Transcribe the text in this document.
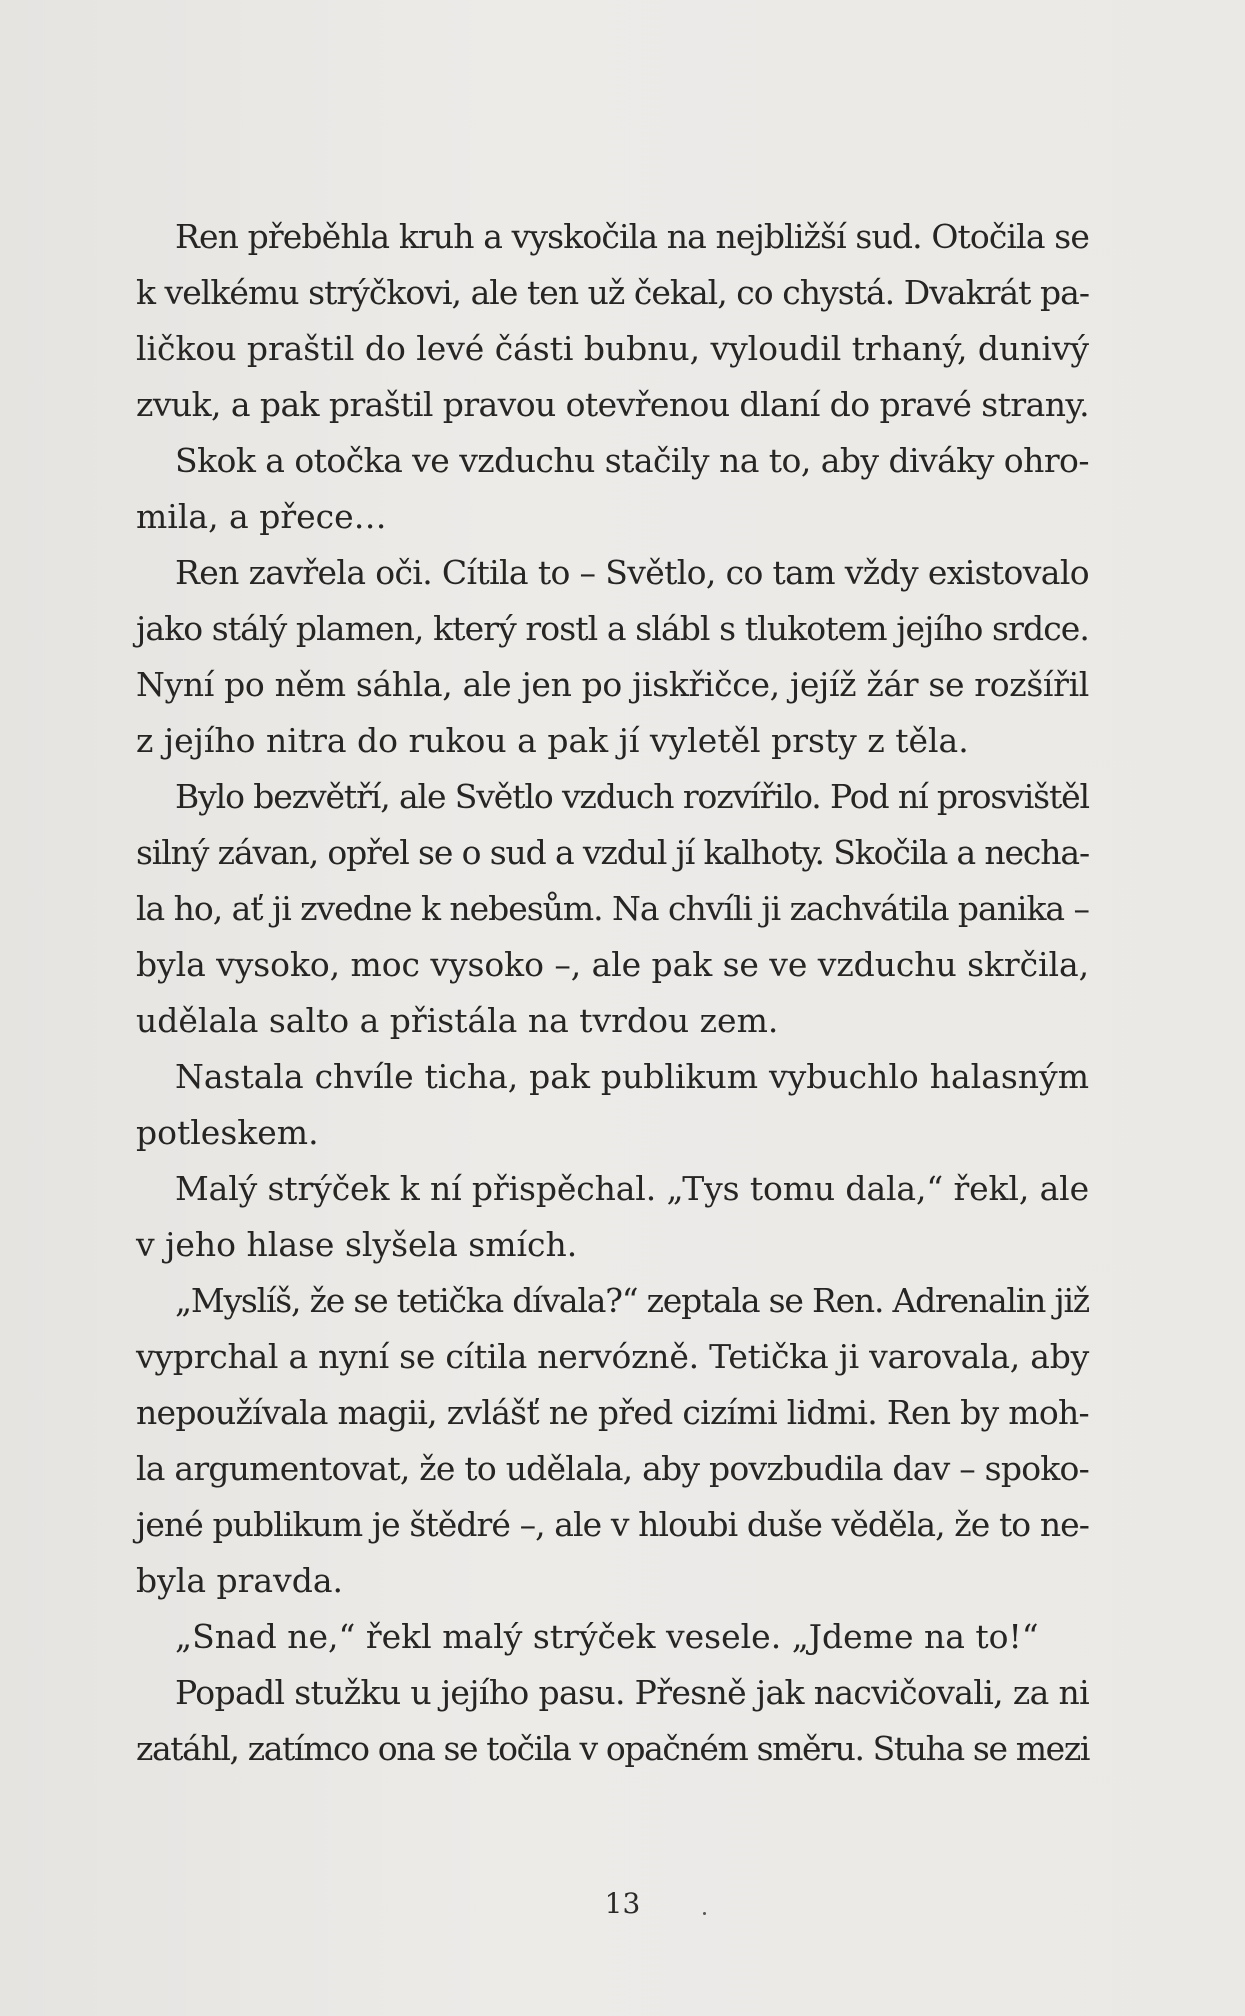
Ren přeběhla kruh a vyskočila na nejbližší sud. Otočila se
k velkému strýčkovi, ale ten už čekal, co chystá. Dvakrát pa-
ličkou praštil do levé části bubnu, vyloudil trhaný, dunivý
zvuk, a pak praštil pravou otevřenou dlaní do pravé strany.
Skok a otočka ve vzduchu stačily na to, aby diváky ohro-
mila, a přece…
Ren zavřela oči. Cítila to – Světlo, co tam vždy existovalo
jako stálý plamen, který rostl a slábl s tlukotem jejího srdce.
Nyní po něm sáhla, ale jen po jiskřičce, jejíž žár se rozšířil
z jejího nitra do rukou a pak jí vyletěl prsty z těla.
Bylo bezvětří, ale Světlo vzduch rozvířilo. Pod ní prosvištěl
silný závan, opřel se o sud a vzdul jí kalhoty. Skočila a necha-
la ho, ať ji zvedne k nebesům. Na chvíli ji zachvátila panika –
byla vysoko, moc vysoko –, ale pak se ve vzduchu skrčila,
udělala salto a přistála na tvrdou zem.
Nastala chvíle ticha, pak publikum vybuchlo halasným
potleskem.
Malý strýček k ní přispěchal. „Tys tomu dala,“ řekl, ale
v jeho hlase slyšela smích.
„Myslíš, že se tetička dívala?“ zeptala se Ren. Adrenalin již
vyprchal a nyní se cítila nervózně. Tetička ji varovala, aby
nepoužívala magii, zvlášť ne před cizími lidmi. Ren by moh-
la argumentovat, že to udělala, aby povzbudila dav – spoko-
jené publikum je štědré –, ale v hloubi duše věděla, že to ne-
byla pravda.
„Snad ne,“ řekl malý strýček vesele. „Jdeme na to!“
Popadl stužku u jejího pasu. Přesně jak nacvičovali, za ni
zatáhl, zatímco ona se točila v opačném směru. Stuha se mezi
13
